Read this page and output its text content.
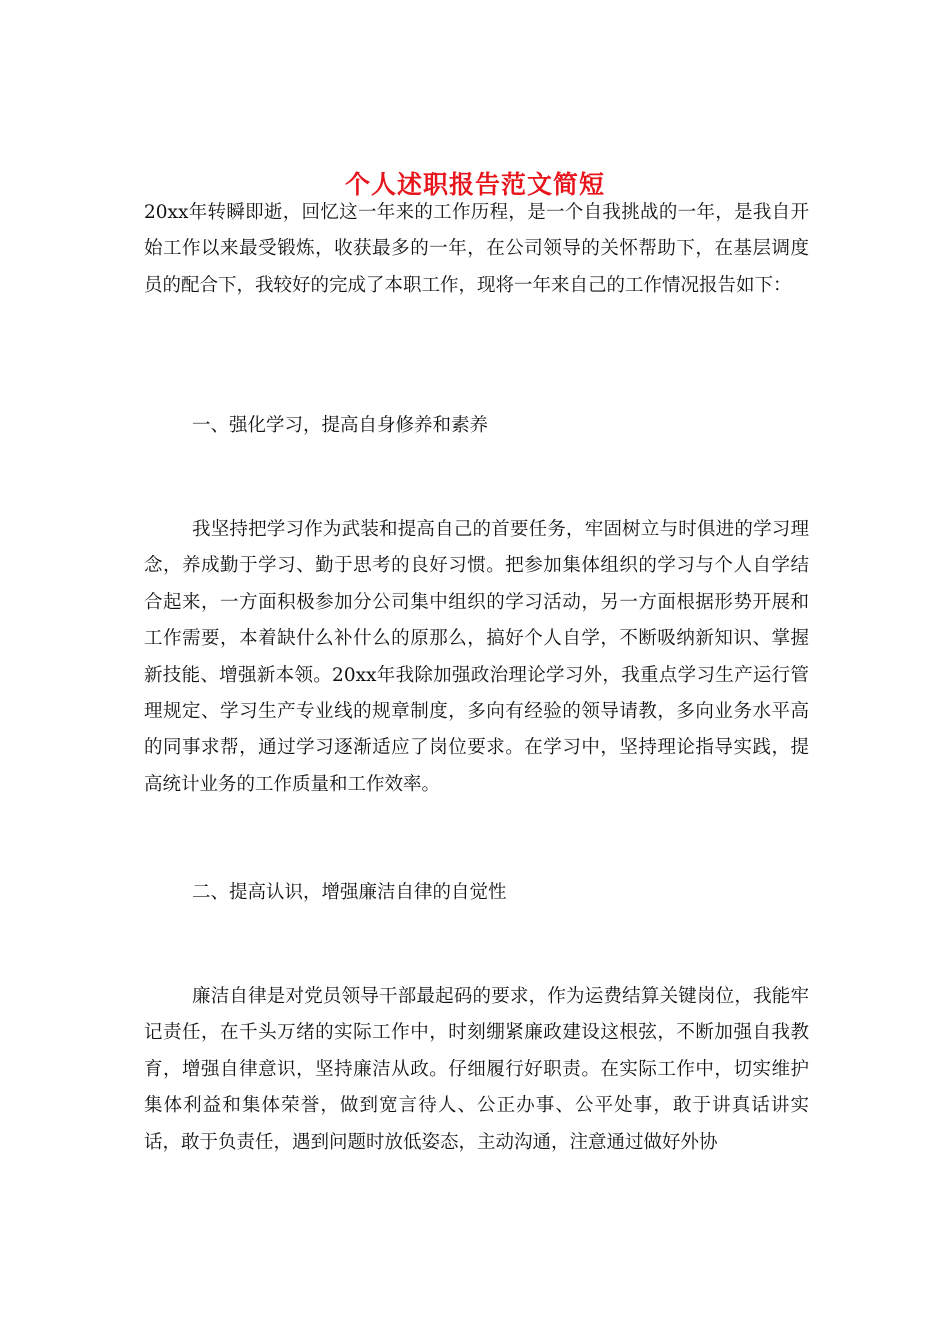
个人述职报告范文简短

20xx年转瞬即逝，回忆这一年来的工作历程，是一个自我挑战的一年，是我自开始工作以来最受锻炼，收获最多的一年，在公司领导的关怀帮助下，在基层调度员的配合下，我较好的完成了本职工作，现将一年来自己的工作情况报告如下：

一、强化学习，提高自身修养和素养

我坚持把学习作为武装和提高自己的首要任务，牢固树立与时俱进的学习理念，养成勤于学习、勤于思考的良好习惯。把参加集体组织的学习与个人自学结合起来，一方面积极参加分公司集中组织的学习活动，另一方面根据形势开展和工作需要，本着缺什么补什么的原那么，搞好个人自学，不断吸纳新知识、掌握新技能、增强新本领。20xx年我除加强政治理论学习外，我重点学习生产运行管理规定、学习生产专业线的规章制度，多向有经验的领导请教，多向业务水平高的同事求帮，通过学习逐渐适应了岗位要求。在学习中，坚持理论指导实践，提高统计业务的工作质量和工作效率。

二、提高认识，增强廉洁自律的自觉性

廉洁自律是对党员领导干部最起码的要求，作为运费结算关键岗位，我能牢记责任，在千头万绪的实际工作中，时刻绷紧廉政建设这根弦，不断加强自我教育，增强自律意识，坚持廉洁从政。仔细履行好职责。在实际工作中，切实维护集体利益和集体荣誉，做到宽言待人、公正办事、公平处事，敢于讲真话讲实话，敢于负责任，遇到问题时放低姿态，主动沟通，注意通过做好外协
